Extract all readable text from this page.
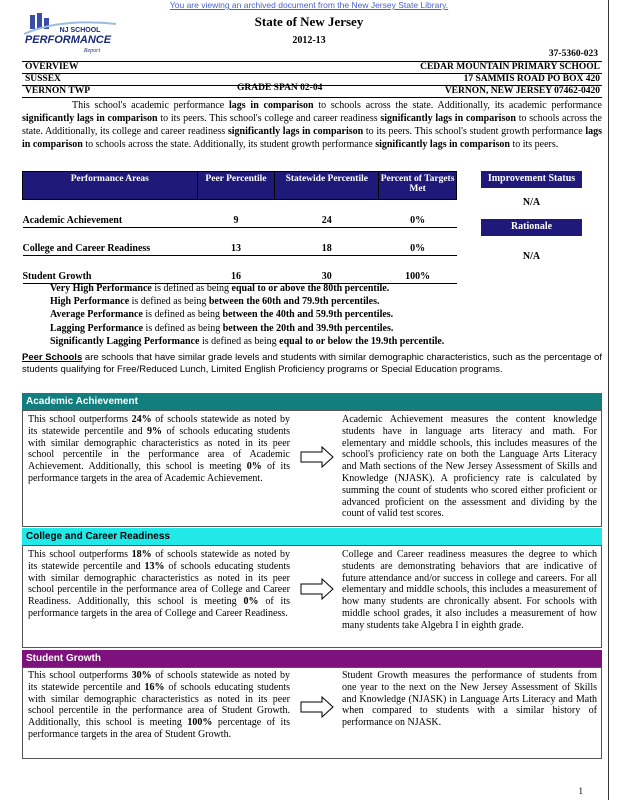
You are viewing an archived document from the New Jersey State Library.
NJ SCHOOL
PERFORMANCE
Report
State of New Jersey
2012-13
37-5360-023
OVERVIEW	CEDAR MOUNTAIN PRIMARY SCHOOL
SUSSEX	17 SAMMIS ROAD PO BOX 420
VERNON TWP	GRADE SPAN 02-04	VERNON, NEW JERSEY 07462-0420
This school's academic performance lags in comparison to schools across the state. Additionally, its academic performance significantly lags in comparison to its peers. This school's college and career readiness significantly lags in comparison to schools across the state. Additionally, its college and career readiness significantly lags in comparison to its peers. This school's student growth performance lags in comparison to schools across the state. Additionally, its student growth performance significantly lags in comparison to its peers.
Performance Areas	Peer Percentile	Statewide Percentile	Percent of Targets Met
Academic Achievement	9	24	0%
College and Career Readiness	13	18	0%
Student Growth	16	30	100%
Improvement Status
N/A
Rationale
N/A
Very High Performance is defined as being equal to or above the 80th percentile.
High Performance is defined as being between the 60th and 79.9th percentiles.
Average Performance is defined as being between the 40th and 59.9th percentiles.
Lagging Performance is defined as being between the 20th and 39.9th percentiles.
Significantly Lagging Performance is defined as being equal to or below the 19.9th percentile.
Peer Schools are schools that have similar grade levels and students with similar demographic characteristics, such as the percentage of students qualifying for Free/Reduced Lunch, Limited English Proficiency programs or Special Education programs.
Academic Achievement
This school outperforms 24% of schools statewide as noted by its statewide percentile and 9% of schools educating students with similar demographic characteristics as noted in its peer school percentile in the performance area of Academic Achievement. Additionally, this school is meeting 0% of its performance targets in the area of Academic Achievement.
Academic Achievement measures the content knowledge students have in language arts literacy and math. For elementary and middle schools, this includes measures of the school's proficiency rate on both the Language Arts Literacy and Math sections of the New Jersey Assessment of Skills and Knowledge (NJASK). A proficiency rate is calculated by summing the count of students who scored either proficient or advanced proficient on the assessment and dividing by the count of valid test scores.
College and Career Readiness
This school outperforms 18% of schools statewide as noted by its statewide percentile and 13% of schools educating students with similar demographic characteristics as noted in its peer school percentile in the performance area of College and Career Readiness. Additionally, this school is meeting 0% of its performance targets in the area of College and Career Readiness.
College and Career readiness measures the degree to which students are demonstrating behaviors that are indicative of future attendance and/or success in college and careers. For all elementary and middle schools, this includes a measurement of how many students are chronically absent. For schools with middle school grades, it also includes a measurement of how many students take Algebra I in eighth grade.
Student Growth
This school outperforms 30% of schools statewide as noted by its statewide percentile and 16% of schools educating students with similar demographic characteristics as noted in its peer school percentile in the performance area of Student Growth. Additionally, this school is meeting 100% percentage of its performance targets in the area of Student Growth.
Student Growth measures the performance of students from one year to the next on the New Jersey Assessment of Skills and Knowledge (NJASK) in Language Arts Literacy and Math when compared to students with a similar history of performance on NJASK.
1
